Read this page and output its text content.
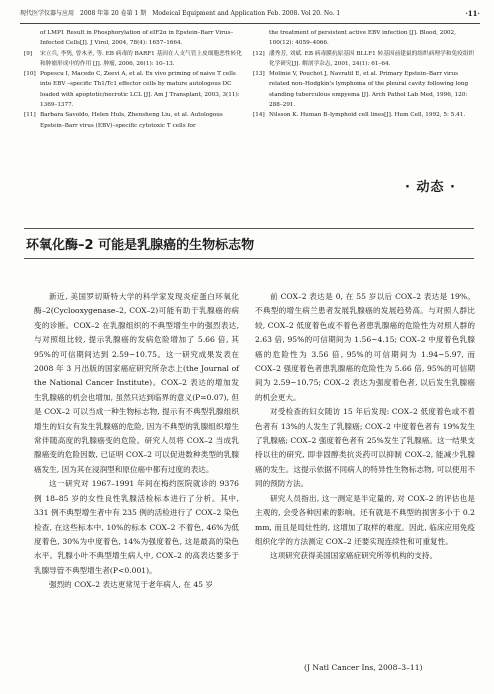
现代医学仪器与应用　2008 年第 20 卷第 1 期　Modeical Equipment and Application Feb. 2008. Vol 20. No. 1	·11·
of LMP1 Result in Phosphorylation of eIF2α in Epstein–Barr Virus–Infected Cells[J]. J Virol, 2004, 78(4): 1657–1664.
[9]	宋立兵, 李隽, 曾木圣, 等. EB 病毒的 BARF1 基因在人支气管上皮细胞恶性转化和肿瘤形成中的作用 [J]. 肿瘤, 2006, 26(1): 10–13.
[10] Popescu I, Macedo C, Zeevi A, et al. Ex vivo priming of naive T cells into EBV –specific Th1/Tc1 effector cells by mature autologous DC loaded with apoptotic/necrotic LCL [J]. Am J Transplant, 2003, 3(11): 1369–1377.
[11] Barbara Savoldo, Helen Huls, Zhensheng Liu, et al. Autologous Epstein–Barr virus (EBV)–specific cytotoxic T cells for
the treatment of persistent active EBV infection [J]. Blood, 2002, 100(12): 4059–4066.
[12] 潘秀芳, 刘斌. EB 病毒膜抗原基因 BLLF1 转基因前建鼠的组织病理学和免疫组织化学研究[J]. 解剖学杂志, 2001, 24(1): 61–64.
[13] Molinie V, Pouchot J, Navratil E, et al. Primary Epstein–Barr virus related non–Hodgkin's lymphoma of the pleural cavity following long standing tuberculous empyema [J]. Arch Pathol Lab Med, 1996, 120: 288–291.
[14] Nilsson K. Human B–lymphoid cell lines[J]. Hum Cell, 1992, 5: 5.41.
· 动态 ·
环氧化酶–2 可能是乳腺癌的生物标志物

新近, 美国罗切斯特大学的科学家发现炎症蛋白环氧化酶–2(Cyclooxygenase–2, COX–2)可能有助于乳腺癌的病变的诊断。COX–2 在乳腺组织的不典型增生中的强烈表达, 与对照组比较, 提示乳腺癌的发病危险增加了 5.66 倍, 其 95%的可信期间达到 2.59~10.75。这一研究成果发表在 2008 年 3 月出版的国家癌症研究所杂志上(the Journal of the National Cancer Institute)。COX–2 表达的增加发生乳腺癌的机会也增加, 虽然只达到临界的意义(P=0.07), 但是 COX–2 可以当成一种生物标志物, 提示有不典型乳腺组织增生的妇女有发生乳腺癌的危险, 因为不典型的乳腺组织增生常伴随高度的乳腺癌变的危险。研究人员将 COX–2 当成乳腺癌变的危险因数, 已证明 COX–2 可以促进数种类型的乳腺癌发生, 因为其在浸润型和原位癌中都有过度的表达。

这一研究对 1967–1991 年间在梅约医院就诊的 9376 例 18–85 岁的女性良性乳腺活检标本进行了分析。其中, 331 例不典型增生者中有 235 例的活检进行了 COX–2 染色检查, 在这些标本中, 10%的标本 COX–2 不着色, 46%为低度着色, 30%为中度着色, 14%为强度着色, 这是最高的染色水平。乳腺小叶不典型增生病人中, COX–2 的高表达要多于乳腺导管不典型增生者(P<0.001)。

强烈的 COX–2 表达更常见于老年病人, 在 45 岁

前 COX–2 表达是 0, 在 55 岁以后 COX–2 表达是 19%。不典型的增生病兰患者发展乳腺癌的发展趋势高。与对照人群比较, COX–2 低度着色或不着色者患乳腺癌的危险性为对照人群的 2.63 倍, 95%的可信期间为 1.56~4.15; COX–2 中度着色乳腺癌的危险性为 3.56 倍, 95%的可信期间为 1.94~5.97, 而 COX–2 强度着色者患乳腺癌的危险性为 5.66 倍, 95%的可信期间为 2.59~10.75; COX–2 表达为强度着色者, 以后发生乳腺癌的机会更大。

对受检查的妇女随访 15 年后发现: COX–2 低度着色或不着色者有 13%的人发生了乳腺癌; COX–2 中度着色者有 19%发生了乳腺癌; COX–2 强度着色者有 25%发生了乳腺癌。这一结果支持以往的研究, 即非固醇类抗炎药可以抑制 COX–2, 能减少乳腺癌的发生。这提示依据不同病人的特异性生物标志物, 可以使用不同的预防方法。

研究人员指出, 这一测定是半定量的, 对 COX–2 的评估也是主观的, 会受各种因素的影响。还有就是不典型的损害多小于 0.2 mm, 而且是局灶性的, 这增加了取样的难度。因此, 临床应用免疫组织化学的方法测定 COX–2 还要实现连续性和可重复性。

这项研究获得美国国家癌症研究所等机构的支持。

(J Natl Cancer Ins, 2008–3–11)
